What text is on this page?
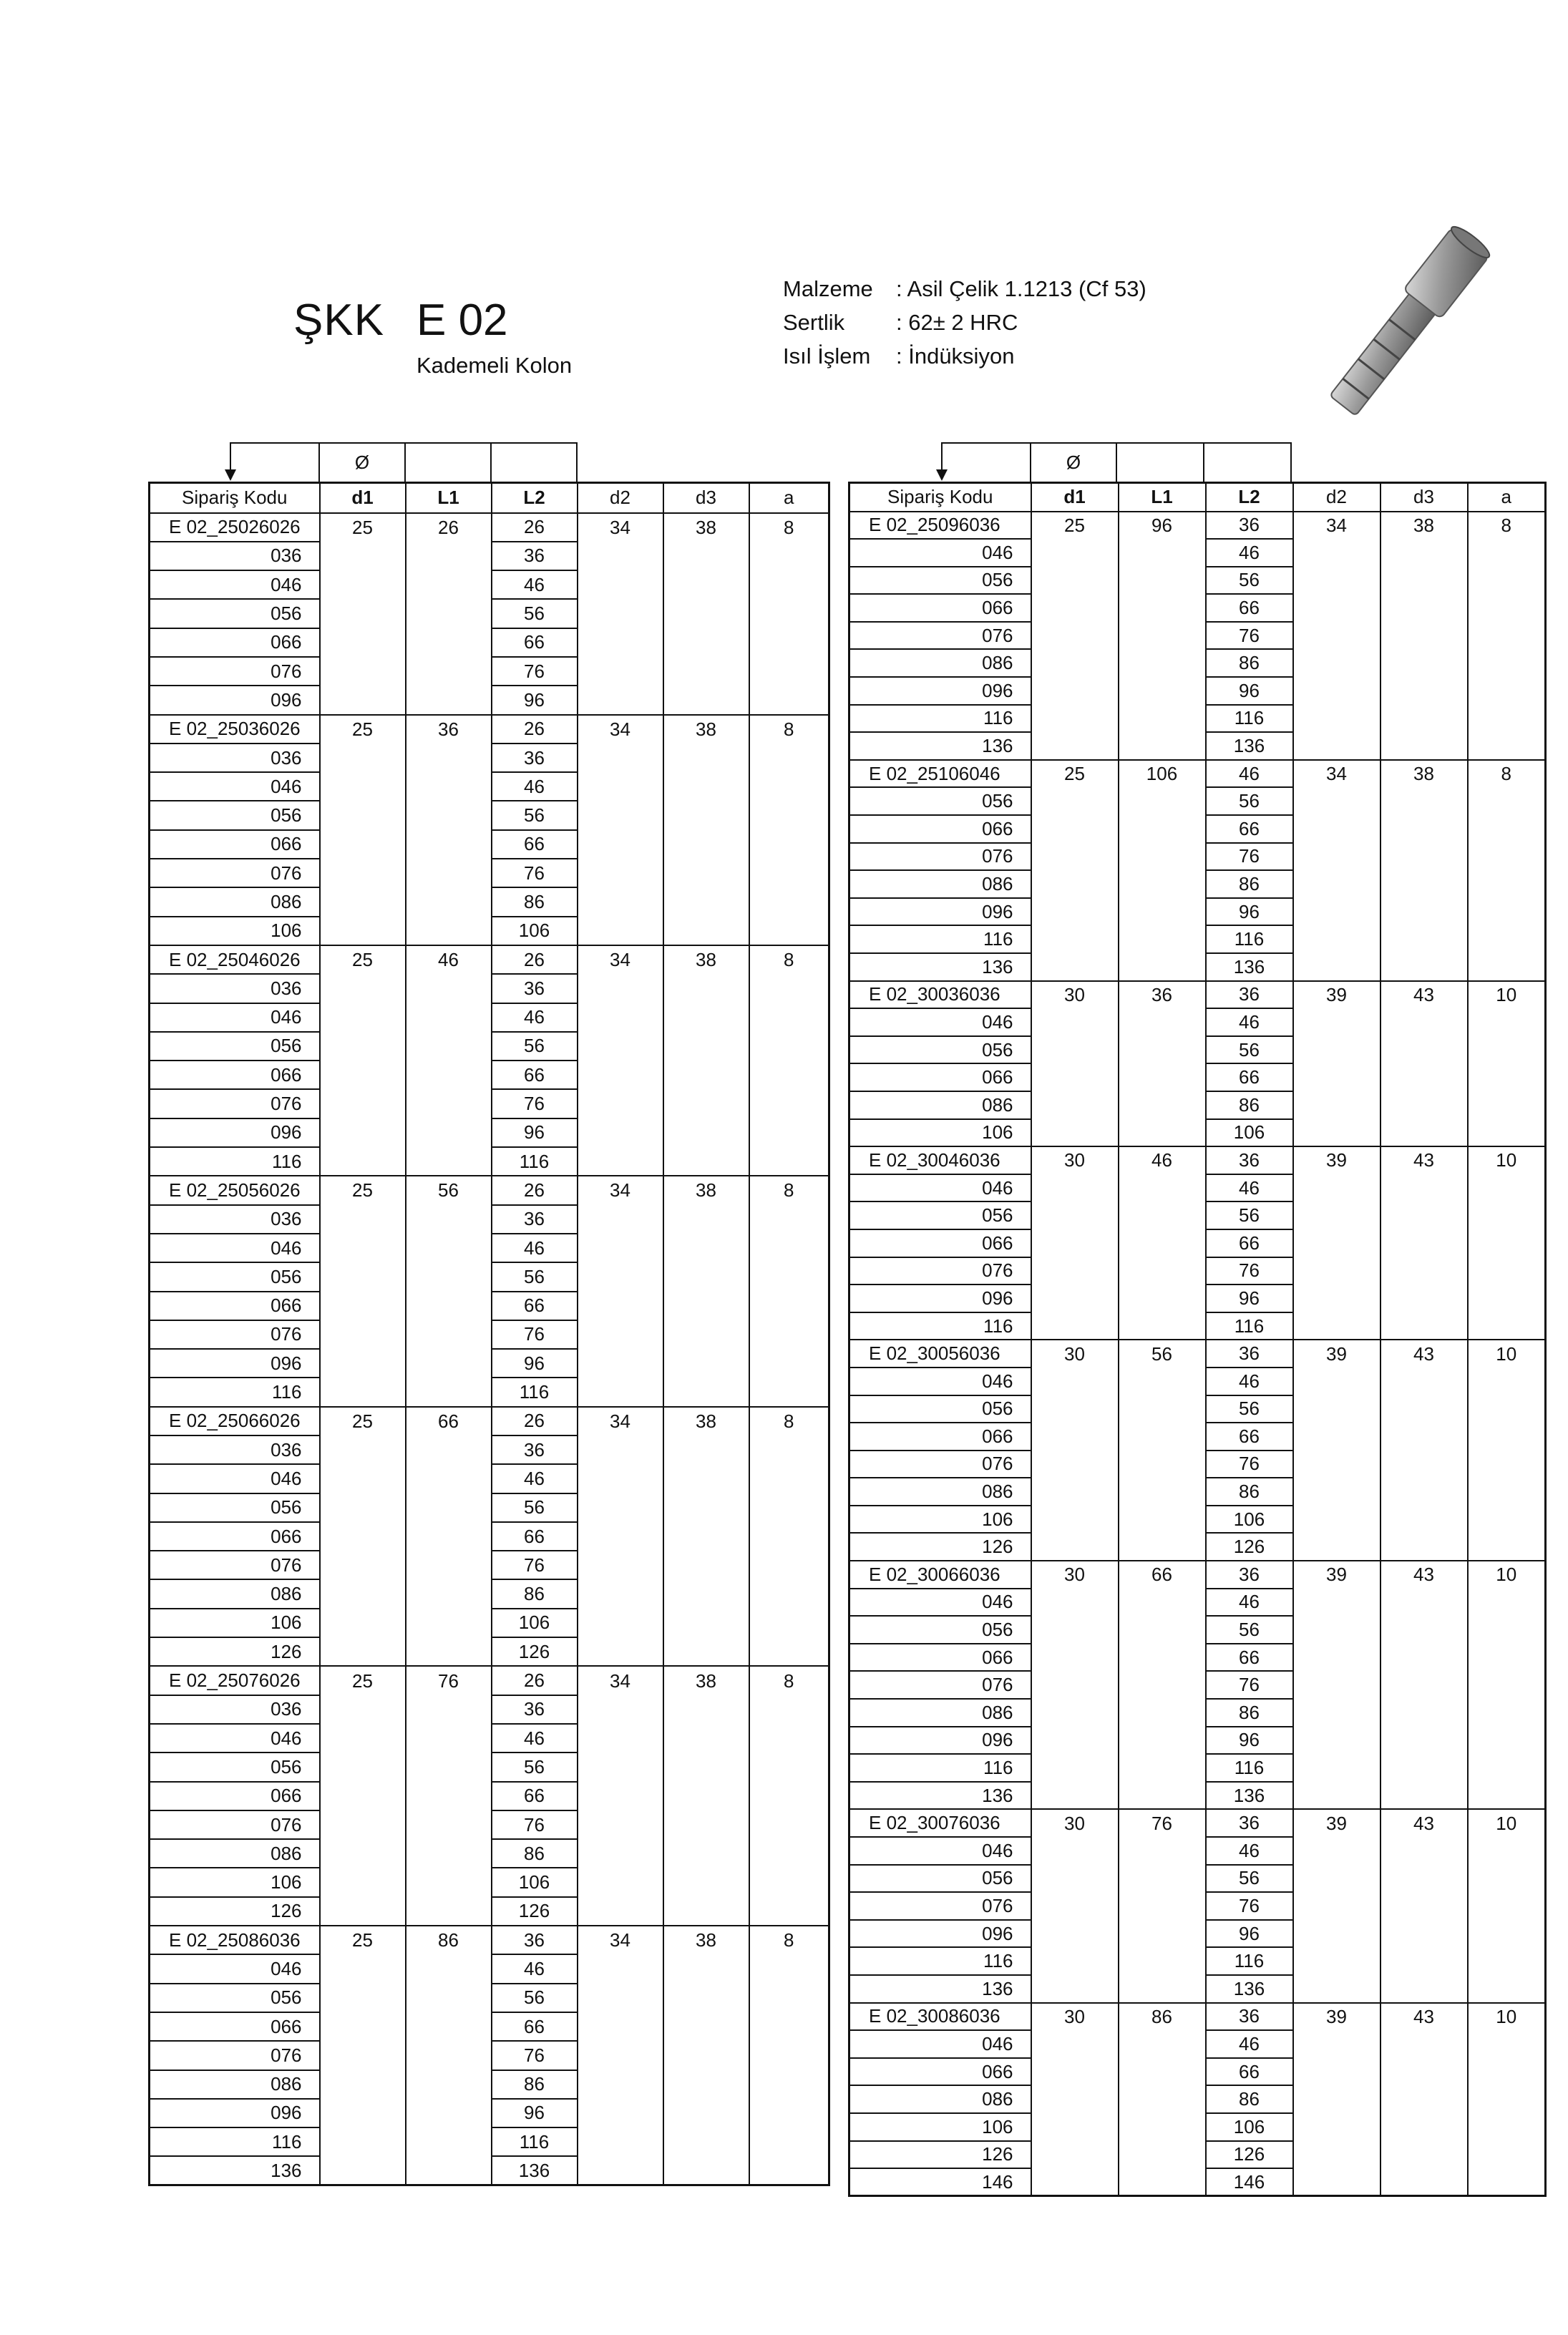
ŞKK E 02
Kademeli Kolon
Malzeme	: Asil Çelik 1.1213 (Cf 53)
Sertlik	: 62± 2 HRC
Isıl İşlem	: İndüksiyon
Ø
Sipariş Kodu	d1	L1	L2	d2	d3	a
E 02_25026026	25	26	26	34	38	8
036			36			
046			46			
056			56			
066			66			
076			76			
096			96			
E 02_25036026	25	36	26	34	38	8
036			36			
046			46			
056			56			
066			66			
076			76			
086			86			
106			106			
E 02_25046026	25	46	26	34	38	8
036			36			
046			46			
056			56			
066			66			
076			76			
096			96			
116			116			
E 02_25056026	25	56	26	34	38	8
036			36			
046			46			
056			56			
066			66			
076			76			
096			96			
116			116			
E 02_25066026	25	66	26	34	38	8
036			36			
046			46			
056			56			
066			66			
076			76			
086			86			
106			106			
126			126			
E 02_25076026	25	76	26	34	38	8
036			36			
046			46			
056			56			
066			66			
076			76			
086			86			
106			106			
126			126			
E 02_25086036	25	86	36	34	38	8
046			46			
056			56			
066			66			
076			76			
086			86			
096			96			
116			116			
136			136			
Ø
Sipariş Kodu	d1	L1	L2	d2	d3	a
E 02_25096036	25	96	36	34	38	8
046			46			
056			56			
066			66			
076			76			
086			86			
096			96			
116			116			
136			136			
E 02_25106046	25	106	46	34	38	8
056			56			
066			66			
076			76			
086			86			
096			96			
116			116			
136			136			
E 02_30036036	30	36	36	39	43	10
046			46			
056			56			
066			66			
086			86			
106			106			
E 02_30046036	30	46	36	39	43	10
046			46			
056			56			
066			66			
076			76			
096			96			
116			116			
E 02_30056036	30	56	36	39	43	10
046			46			
056			56			
066			66			
076			76			
086			86			
106			106			
126			126			
E 02_30066036	30	66	36	39	43	10
046			46			
056			56			
066			66			
076			76			
086			86			
096			96			
116			116			
136			136			
E 02_30076036	30	76	36	39	43	10
046			46			
056			56			
076			76			
096			96			
116			116			
136			136			
E 02_30086036	30	86	36	39	43	10
046			46			
066			66			
086			86			
106			106			
126			126			
146			146			
